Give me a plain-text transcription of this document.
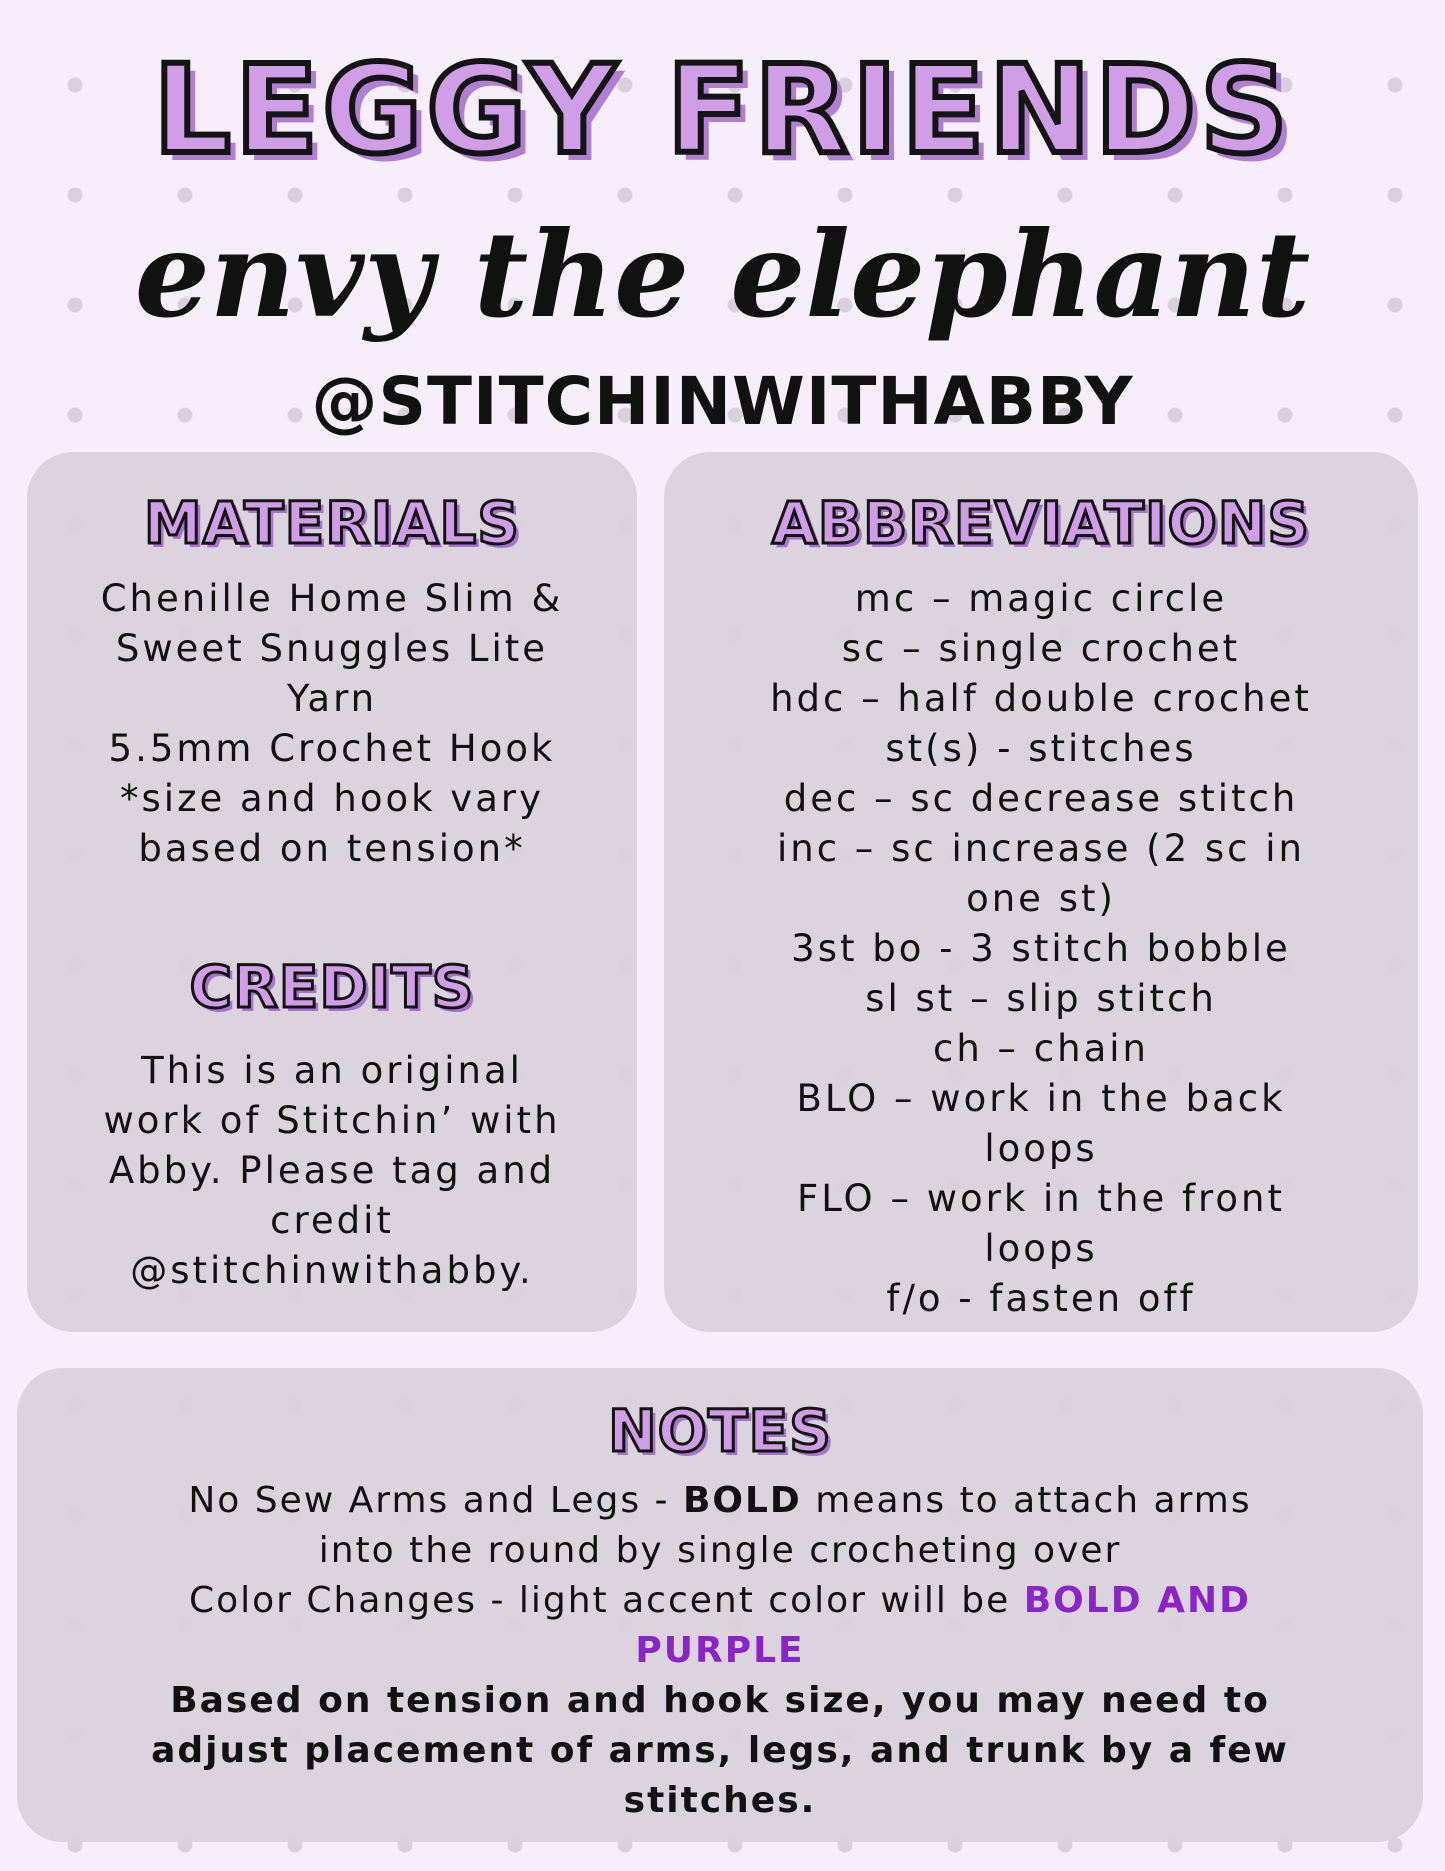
LEGGY FRIENDS
envy the elephant
@STITCHINWITHABBY
MATERIALS
Chenille Home Slim &
Sweet Snuggles Lite
Yarn
5.5mm Crochet Hook
*size and hook vary
based on tension*
CREDITS
This is an original
work of Stitchin’ with
Abby. Please tag and
credit
@stitchinwithabby.
ABBREVIATIONS
mc – magic circle
sc – single crochet
hdc – half double crochet
st(s) - stitches
dec – sc decrease stitch
inc – sc increase (2 sc in
one st)
3st bo - 3 stitch bobble
sl st – slip stitch
ch – chain
BLO – work in the back
loops
FLO – work in the front
loops
f/o - fasten off
NOTES
No Sew Arms and Legs - BOLD means to attach arms
into the round by single crocheting over
Color Changes - light accent color will be BOLD AND
PURPLE
Based on tension and hook size, you may need to
adjust placement of arms, legs, and trunk by a few
stitches.
